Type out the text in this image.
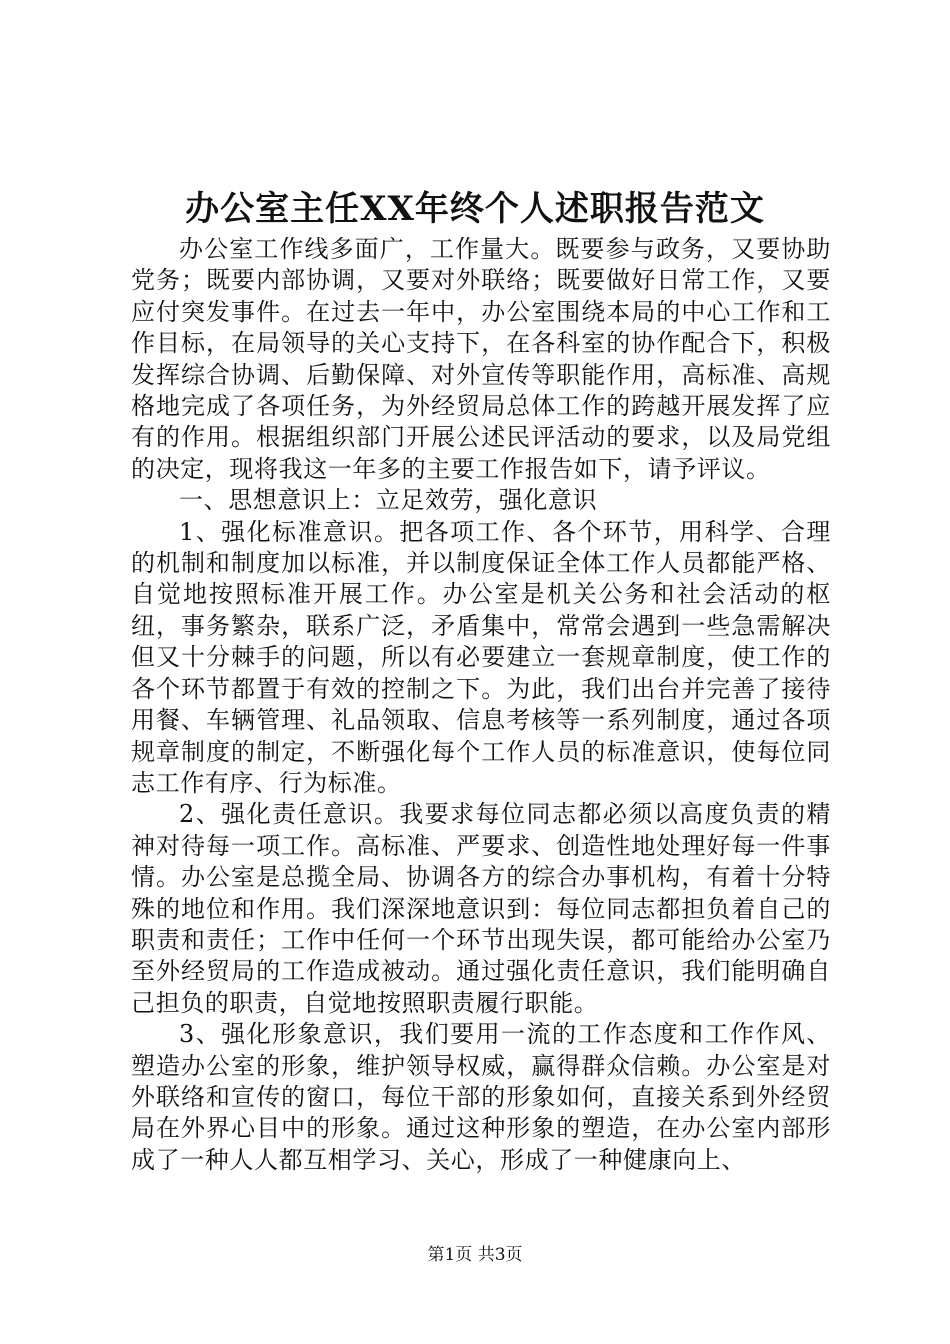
办公室主任XX年终个人述职报告范文

办公室工作线多面广，工作量大。既要参与政务，又要协助党务；既要内部协调，又要对外联络；既要做好日常工作，又要应付突发事件。在过去一年中，办公室围绕本局的中心工作和工作目标，在局领导的关心支持下，在各科室的协作配合下，积极发挥综合协调、后勤保障、对外宣传等职能作用，高标准、高规格地完成了各项任务，为外经贸局总体工作的跨越开展发挥了应有的作用。根据组织部门开展公述民评活动的要求，以及局党组的决定，现将我这一年多的主要工作报告如下，请予评议。

一、思想意识上：立足效劳，强化意识

1、强化标准意识。把各项工作、各个环节，用科学、合理的机制和制度加以标准，并以制度保证全体工作人员都能严格、自觉地按照标准开展工作。办公室是机关公务和社会活动的枢纽，事务繁杂，联系广泛，矛盾集中，常常会遇到一些急需解决但又十分棘手的问题，所以有必要建立一套规章制度，使工作的各个环节都置于有效的控制之下。为此，我们出台并完善了接待用餐、车辆管理、礼品领取、信息考核等一系列制度，通过各项规章制度的制定，不断强化每个工作人员的标准意识，使每位同志工作有序、行为标准。

2、强化责任意识。我要求每位同志都必须以高度负责的精神对待每一项工作。高标准、严要求、创造性地处理好每一件事情。办公室是总揽全局、协调各方的综合办事机构，有着十分特殊的地位和作用。我们深深地意识到：每位同志都担负着自己的职责和责任；工作中任何一个环节出现失误，都可能给办公室乃至外经贸局的工作造成被动。通过强化责任意识，我们能明确自己担负的职责，自觉地按照职责履行职能。

3、强化形象意识，我们要用一流的工作态度和工作作风、塑造办公室的形象，维护领导权威，赢得群众信赖。办公室是对外联络和宣传的窗口，每位干部的形象如何，直接关系到外经贸局在外界心目中的形象。通过这种形象的塑造，在办公室内部形成了一种人人都互相学习、关心，形成了一种健康向上、

第1页 共3页
